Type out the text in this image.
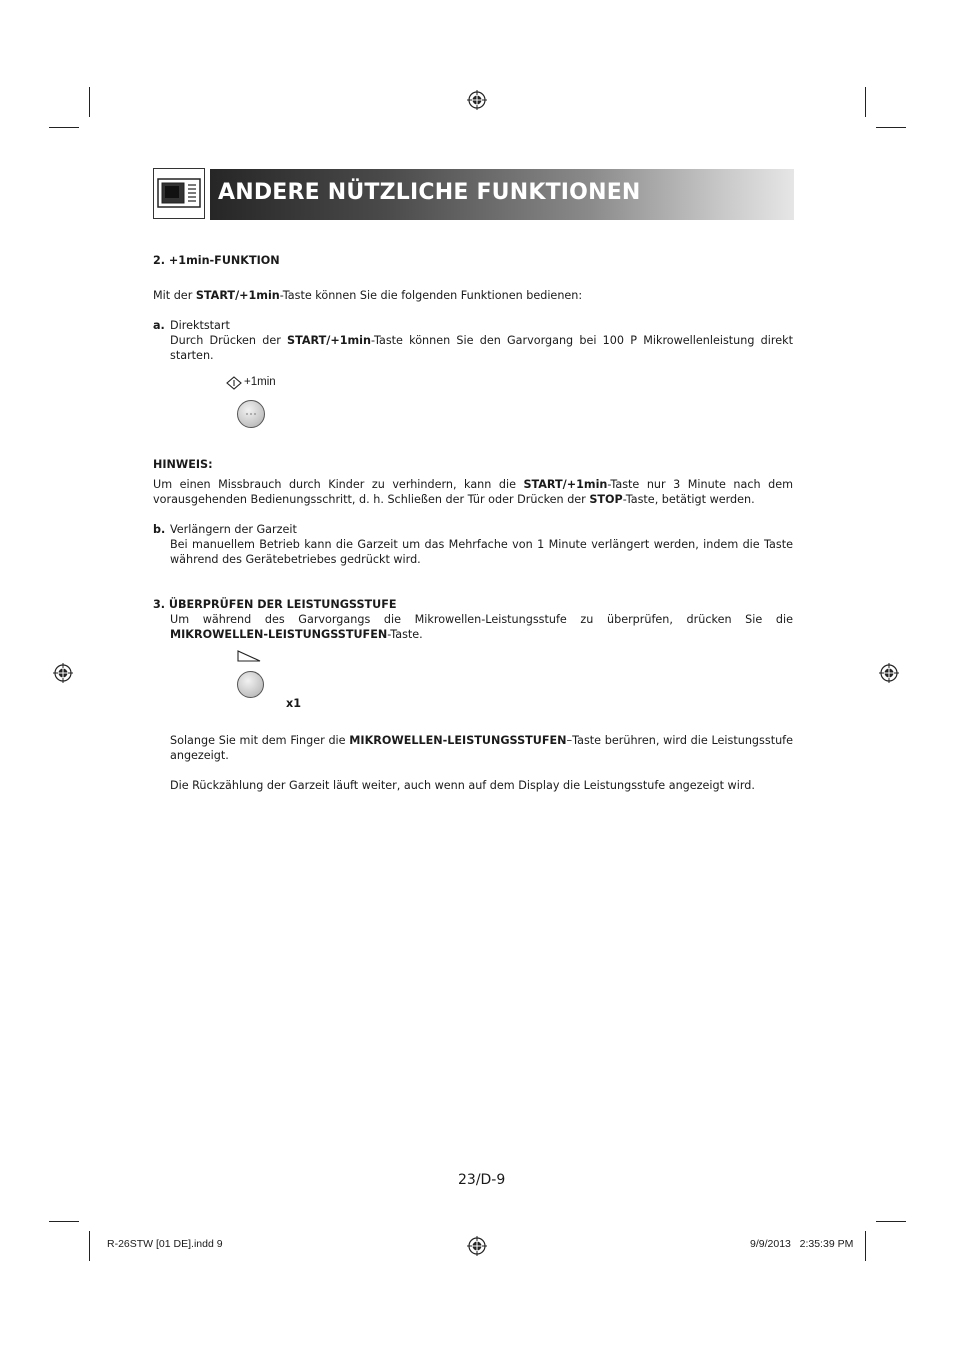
ANDERE NÜTZLICHE FUNKTIONEN
2. +1min-FUNKTION
Mit der START/+1min-Taste können Sie die folgenden Funktionen bedienen:
a. Direktstart
Durch Drücken der START/+1min-Taste können Sie den Garvorgang bei 100 P Mikrowellenleistung direkt starten.
+1min
HINWEIS:
Um einen Missbrauch durch Kinder zu verhindern, kann die START/+1min-Taste nur 3 Minute nach dem vorausgehenden Bedienungsschritt, d. h. Schließen der Tür oder Drücken der STOP-Taste, betätigt werden.
b. Verlängern der Garzeit
Bei manuellem Betrieb kann die Garzeit um das Mehrfache von 1 Minute verlängert werden, indem die Taste während des Gerätebetriebes gedrückt wird.
3. ÜBERPRÜFEN DER LEISTUNGSSTUFE
Um während des Garvorgangs die Mikrowellen-Leistungsstufe zu überprüfen, drücken Sie die MIKROWELLEN-LEISTUNGSSTUFEN-Taste.
x1
Solange Sie mit dem Finger die MIKROWELLEN-LEISTUNGSSTUFEN–Taste berühren, wird die Leistungsstufe angezeigt.
Die Rückzählung der Garzeit läuft weiter, auch wenn auf dem Display die Leistungsstufe angezeigt wird.
23/D-9
R-26STW [01 DE].indd 9	9/9/2013   2:35:39 PM
